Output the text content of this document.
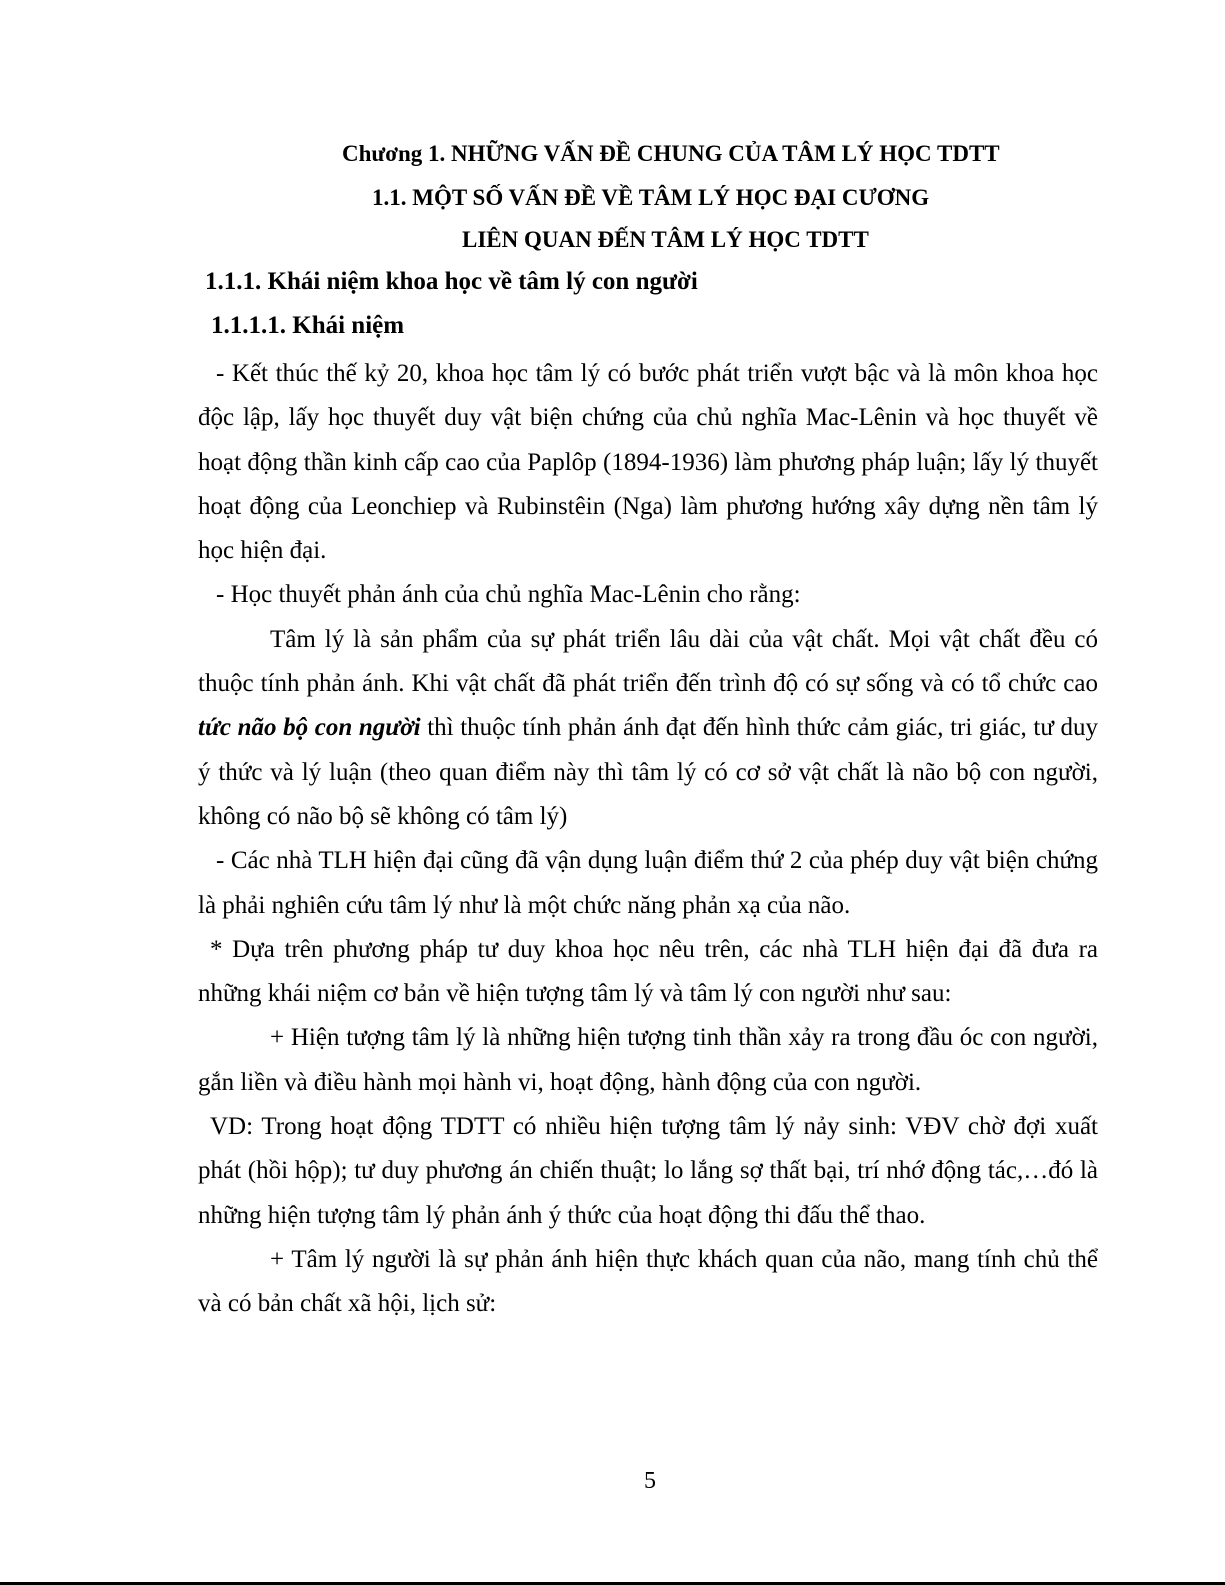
Chương 1. NHỮNG VẤN ĐỀ CHUNG CỦA TÂM LÝ HỌC TDTT
1.1. MỘT SỐ VẤN ĐỀ VỀ TÂM LÝ HỌC ĐẠI CƯƠNG
LIÊN QUAN ĐẾN TÂM LÝ HỌC TDTT
1.1.1. Khái niệm khoa học về tâm lý con người
1.1.1.1. Khái niệm

- Kết thúc thế kỷ 20, khoa học tâm lý có bước phát triển vượt bậc và là môn khoa học độc lập, lấy học thuyết duy vật biện chứng của chủ nghĩa Mac-Lênin và học thuyết về hoạt động thần kinh cấp cao của Paplôp (1894-1936) làm phương pháp luận; lấy lý thuyết hoạt động của Leonchiep và Rubinstêin (Nga) làm phương hướng xây dựng nền tâm lý học hiện đại.

- Học thuyết phản ánh của chủ nghĩa Mac-Lênin cho rằng:

Tâm lý là sản phẩm của sự phát triển lâu dài của vật chất. Mọi vật chất đều có thuộc tính phản ánh. Khi vật chất đã phát triển đến trình độ có sự sống và có tổ chức cao tức não bộ con người thì thuộc tính phản ánh đạt đến hình thức cảm giác, tri giác, tư duy ý thức và lý luận (theo quan điểm này thì tâm lý có cơ sở vật chất là não bộ con người, không có não bộ sẽ không có tâm lý)

- Các nhà TLH hiện đại cũng đã vận dụng luận điểm thứ 2 của phép duy vật biện chứng là phải nghiên cứu tâm lý như là một chức năng phản xạ của não.

* Dựa trên phương pháp tư duy khoa học nêu trên, các nhà TLH hiện đại đã đưa ra những khái niệm cơ bản về hiện tượng tâm lý và tâm lý con người như sau:

+ Hiện tượng tâm lý là những hiện tượng tinh thần xảy ra trong đầu óc con người, gắn liền và điều hành mọi hành vi, hoạt động, hành động của con người.

VD: Trong hoạt động TDTT có nhiều hiện tượng tâm lý nảy sinh: VĐV chờ đợi xuất phát (hồi hộp); tư duy phương án chiến thuật; lo lắng sợ thất bại, trí nhớ động tác,…đó là những hiện tượng tâm lý phản ánh ý thức của hoạt động thi đấu thể thao.

+ Tâm lý người là sự phản ánh hiện thực khách quan của não, mang tính chủ thể và có bản chất xã hội, lịch sử:

5
